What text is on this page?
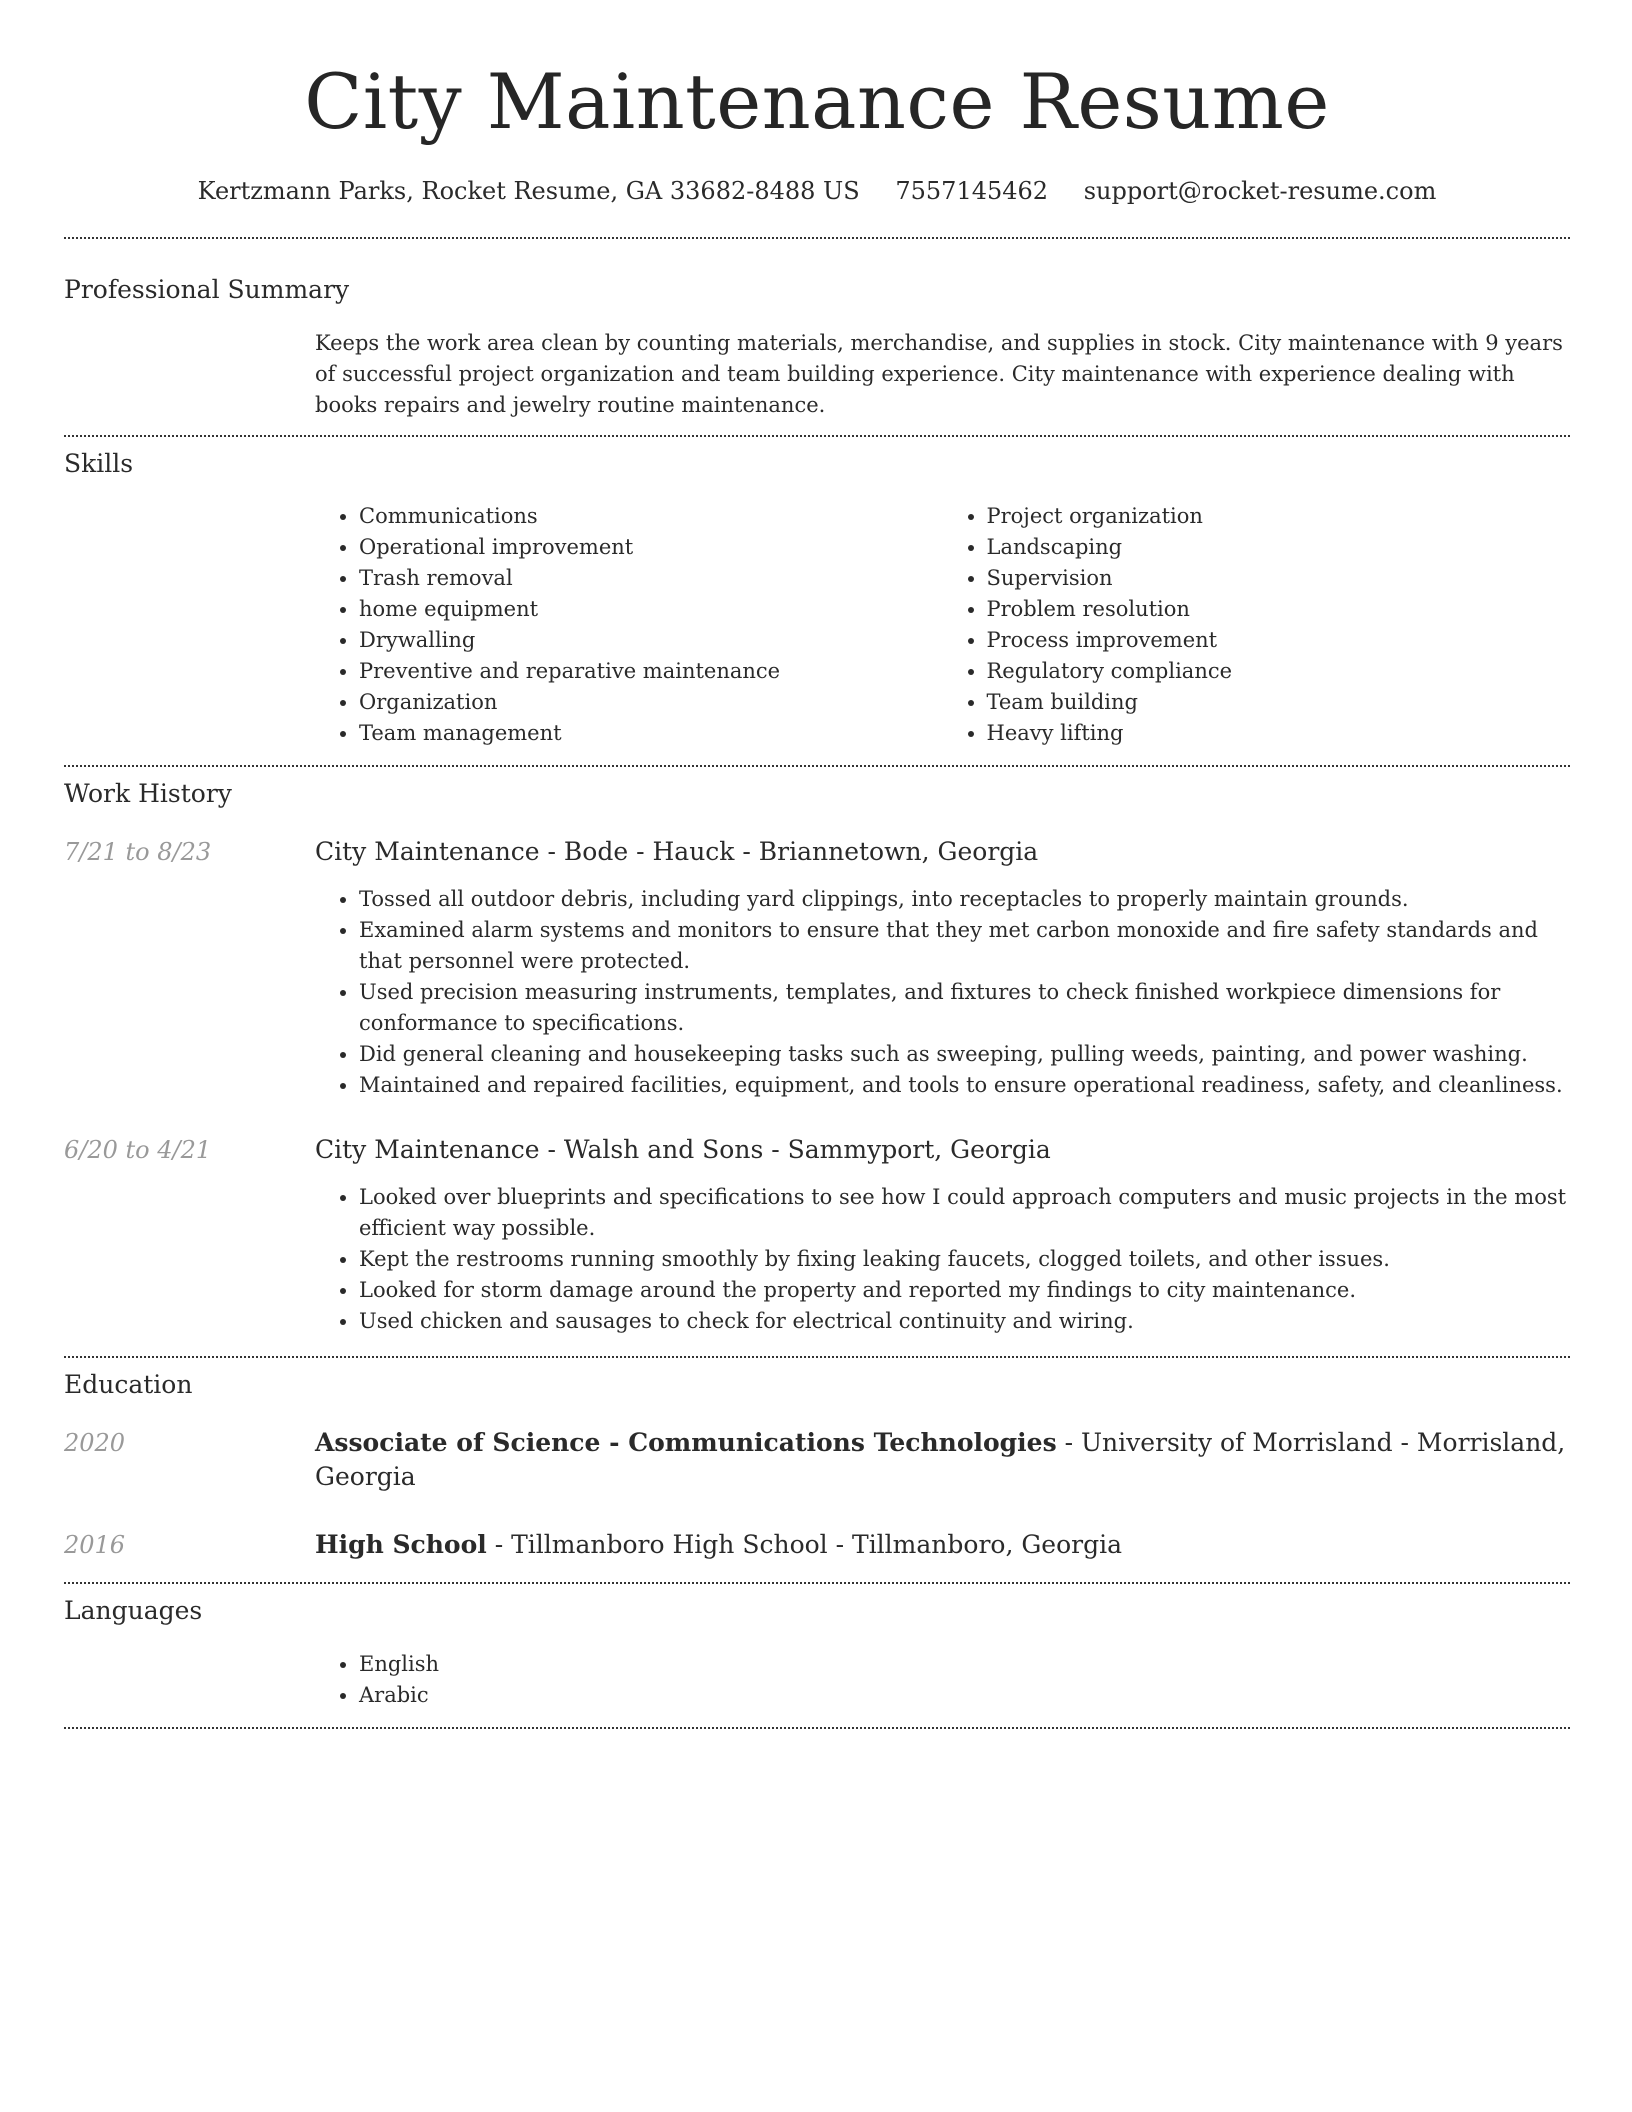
City Maintenance Resume
Kertzmann Parks, Rocket Resume, GA 33682-8488 US 7557145462 support@rocket-resume.com
Professional Summary
Keeps the work area clean by counting materials, merchandise, and supplies in stock. City maintenance with 9 years of successful project organization and team building experience. City maintenance with experience dealing with books repairs and jewelry routine maintenance.
Skills
• Communications
• Operational improvement
• Trash removal
• home equipment
• Drywalling
• Preventive and reparative maintenance
• Organization
• Team management
• Project organization
• Landscaping
• Supervision
• Problem resolution
• Process improvement
• Regulatory compliance
• Team building
• Heavy lifting
Work History
7/21 to 8/23	City Maintenance - Bode - Hauck - Briannetown, Georgia
• Tossed all outdoor debris, including yard clippings, into receptacles to properly maintain grounds.
• Examined alarm systems and monitors to ensure that they met carbon monoxide and fire safety standards and that personnel were protected.
• Used precision measuring instruments, templates, and fixtures to check finished workpiece dimensions for conformance to specifications.
• Did general cleaning and housekeeping tasks such as sweeping, pulling weeds, painting, and power washing.
• Maintained and repaired facilities, equipment, and tools to ensure operational readiness, safety, and cleanliness.
6/20 to 4/21	City Maintenance - Walsh and Sons - Sammyport, Georgia
• Looked over blueprints and specifications to see how I could approach computers and music projects in the most efficient way possible.
• Kept the restrooms running smoothly by fixing leaking faucets, clogged toilets, and other issues.
• Looked for storm damage around the property and reported my findings to city maintenance.
• Used chicken and sausages to check for electrical continuity and wiring.
Education
2020	Associate of Science - Communications Technologies - University of Morrisland - Morrisland, Georgia
2016	High School - Tillmanboro High School - Tillmanboro, Georgia
Languages
• English
• Arabic
